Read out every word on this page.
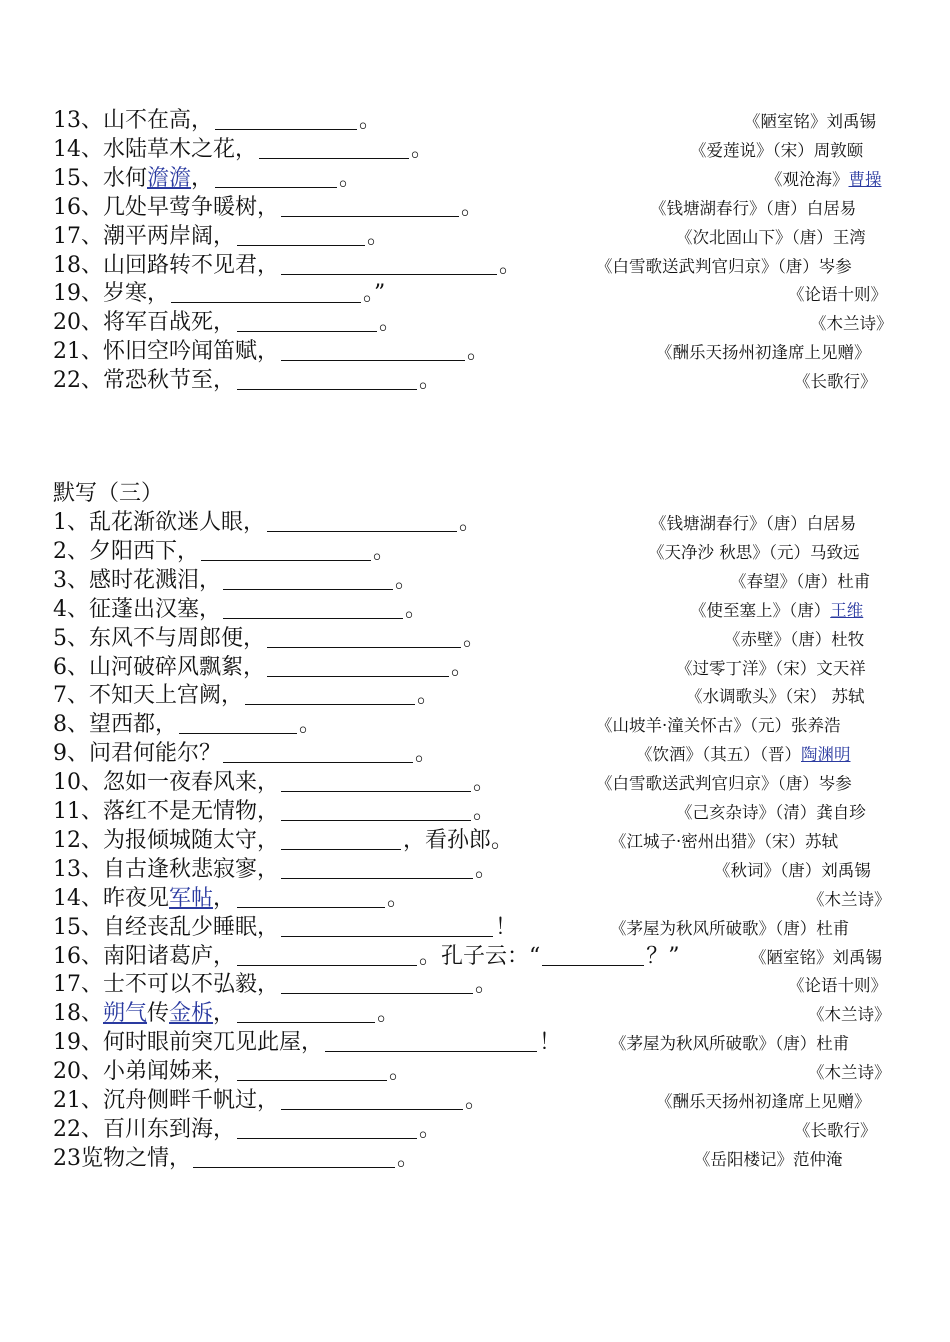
13、山不在高，	。	《陋室铭》刘禹锡
14、水陆草木之花，	。	《爱莲说》（宋）周敦颐
15、水何澹澹，	。	《观沧海》曹操
16、几处早莺争暖树，	。	《钱塘湖春行》（唐）白居易
17、潮平两岸阔，	。	《次北固山下》（唐）王湾
18、山回路转不见君，	。	《白雪歌送武判官归京》（唐）岑参
19、岁寒，	。”	《论语十则》
20、将军百战死，	。	《木兰诗》
21、怀旧空吟闻笛赋，	。	《酬乐天扬州初逢席上见赠》
22、常恐秋节至，	。	《长歌行》
默写（三）
1、乱花渐欲迷人眼，	。	《钱塘湖春行》（唐）白居易
2、夕阳西下，	。	《天净沙 秋思》（元）马致远
3、感时花溅泪，	。	《春望》（唐）杜甫
4、征蓬出汉塞，	。	《使至塞上》（唐）王维
5、东风不与周郎便，	。	《赤壁》（唐）杜牧
6、山河破碎风飘絮，	。	《过零丁洋》（宋）文天祥
7、不知天上宫阙，	。	《水调歌头》（宋） 苏轼
8、望西都，	。	《山坡羊·潼关怀古》（元）张养浩
9、问君何能尔？	。	《饮酒》（其五）（晋）陶渊明
10、忽如一夜春风来，	。	《白雪歌送武判官归京》（唐）岑参
11、落红不是无情物，	。	《己亥杂诗》（清）龚自珍
12、为报倾城随太守，	，看孙郎。	《江城子·密州出猎》（宋）苏轼
13、自古逢秋悲寂寥，	。	《秋词》（唐）刘禹锡
14、昨夜见军帖，	。	《木兰诗》
15、自经丧乱少睡眠，	！	《茅屋为秋风所破歌》（唐）杜甫
16、南阳诸葛庐，	。孔子云：“	？”	《陋室铭》刘禹锡
17、士不可以不弘毅，	。	《论语十则》
18、朔气传金柝，	。	《木兰诗》
19、何时眼前突兀见此屋，	！	《茅屋为秋风所破歌》（唐）杜甫
20、小弟闻姊来，	。	《木兰诗》
21、沉舟侧畔千帆过，	。	《酬乐天扬州初逢席上见赠》
22、百川东到海，	。	《长歌行》
23览物之情，	。	《岳阳楼记》范仲淹
